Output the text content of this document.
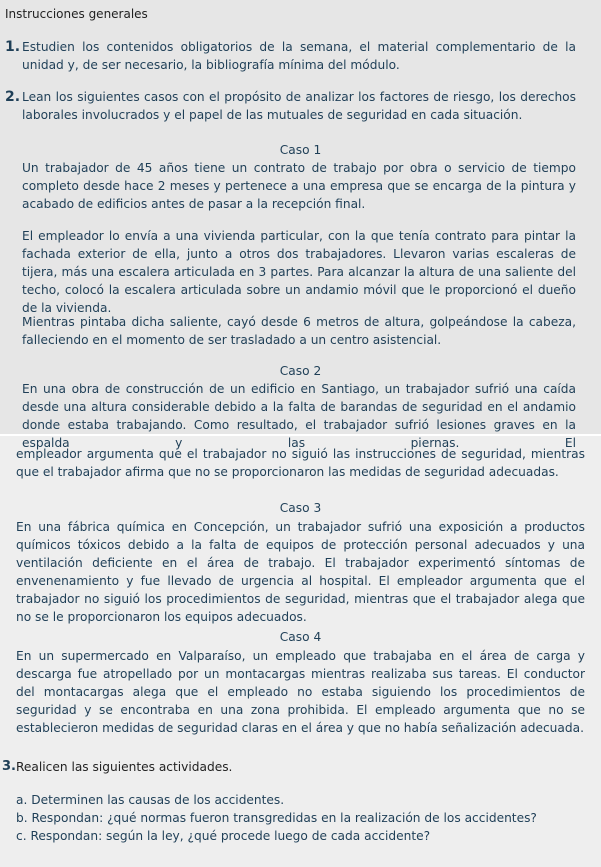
Instrucciones generales
1. Estudien los contenidos obligatorios de la semana, el material complementario de la unidad y, de ser necesario, la bibliografía mínima del módulo.
2. Lean los siguientes casos con el propósito de analizar los factores de riesgo, los derechos laborales involucrados y el papel de las mutuales de seguridad en cada situación.
Caso 1
Un trabajador de 45 años tiene un contrato de trabajo por obra o servicio de tiempo completo desde hace 2 meses y pertenece a una empresa que se encarga de la pintura y acabado de edificios antes de pasar a la recepción final.
El empleador lo envía a una vivienda particular, con la que tenía contrato para pintar la fachada exterior de ella, junto a otros dos trabajadores. Llevaron varias escaleras de tijera, más una escalera articulada en 3 partes. Para alcanzar la altura de una saliente del techo, colocó la escalera articulada sobre un andamio móvil que le proporcionó el dueño de la vivienda.
Mientras pintaba dicha saliente, cayó desde 6 metros de altura, golpeándose la cabeza, falleciendo en el momento de ser trasladado a un centro asistencial.
Caso 2
En una obra de construcción de un edificio en Santiago, un trabajador sufrió una caída desde una altura considerable debido a la falta de barandas de seguridad en el andamio donde estaba trabajando. Como resultado, el trabajador sufrió lesiones graves en la espalda y las piernas. El
empleador argumenta que el trabajador no siguió las instrucciones de seguridad, mientras que el trabajador afirma que no se proporcionaron las medidas de seguridad adecuadas.
Caso 3
En una fábrica química en Concepción, un trabajador sufrió una exposición a productos químicos tóxicos debido a la falta de equipos de protección personal adecuados y una ventilación deficiente en el área de trabajo. El trabajador experimentó síntomas de envenenamiento y fue llevado de urgencia al hospital. El empleador argumenta que el trabajador no siguió los procedimientos de seguridad, mientras que el trabajador alega que no se le proporcionaron los equipos adecuados.
Caso 4
En un supermercado en Valparaíso, un empleado que trabajaba en el área de carga y descarga fue atropellado por un montacargas mientras realizaba sus tareas. El conductor del montacargas alega que el empleado no estaba siguiendo los procedimientos de seguridad y se encontraba en una zona prohibida. El empleado argumenta que no se establecieron medidas de seguridad claras en el área y que no había señalización adecuada.
3. Realicen las siguientes actividades.
a. Determinen las causas de los accidentes.
b. Respondan: ¿qué normas fueron transgredidas en la realización de los accidentes?
c. Respondan: según la ley, ¿qué procede luego de cada accidente?
